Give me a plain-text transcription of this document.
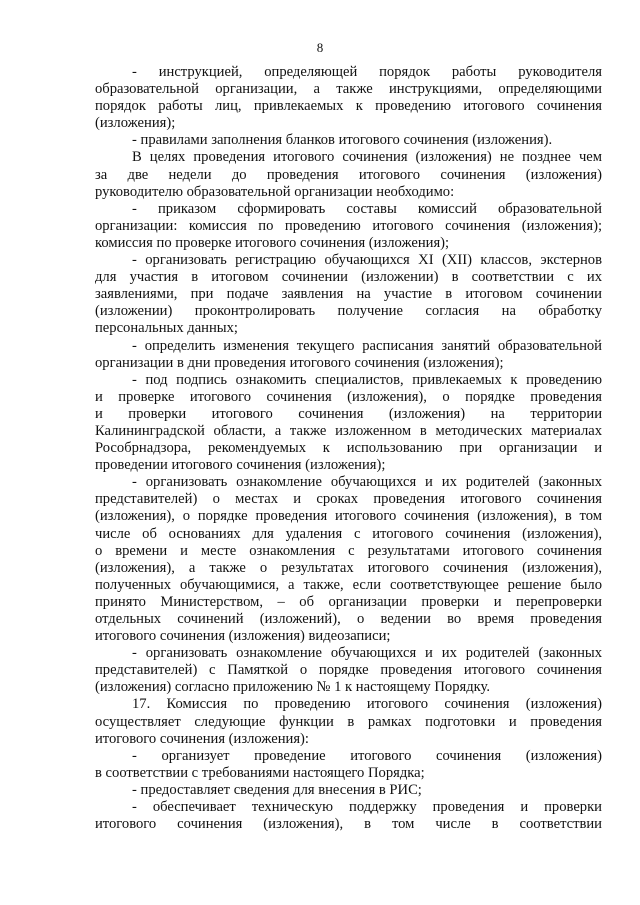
8
- инструкцией, определяющей порядок работы руководителя
образовательной организации, а также инструкциями, определяющими
порядок работы лиц, привлекаемых к проведению итогового сочинения
(изложения);
- правилами заполнения бланков итогового сочинения (изложения).
В целях проведения итогового сочинения (изложения) не позднее чем
за две недели до проведения итогового сочинения (изложения)
руководителю образовательной организации необходимо:
- приказом сформировать составы комиссий образовательной
организации: комиссия по проведению итогового сочинения (изложения);
комиссия по проверке итогового сочинения (изложения);
- организовать регистрацию обучающихся XI (XII) классов, экстернов
для участия в итоговом сочинении (изложении) в соответствии с их
заявлениями, при подаче заявления на участие в итоговом сочинении
(изложении) проконтролировать получение согласия на обработку
персональных данных;
- определить изменения текущего расписания занятий образовательной
организации в дни проведения итогового сочинения (изложения);
- под подпись ознакомить специалистов, привлекаемых к проведению
и проверке итогового сочинения (изложения), о порядке проведения
и проверки итогового сочинения (изложения) на территории
Калининградской области, а также изложенном в методических материалах
Рособрнадзора, рекомендуемых к использованию при организации и
проведении итогового сочинения (изложения);
- организовать ознакомление обучающихся и их родителей (законных
представителей) о местах и сроках проведения итогового сочинения
(изложения), о порядке проведения итогового сочинения (изложения), в том
числе об основаниях для удаления с итогового сочинения (изложения),
о времени и месте ознакомления с результатами итогового сочинения
(изложения), а также о результатах итогового сочинения (изложения),
полученных обучающимися, а также, если соответствующее решение было
принято Министерством, – об организации проверки и перепроверки
отдельных сочинений (изложений), о ведении во время проведения
итогового сочинения (изложения) видеозаписи;
- организовать ознакомление обучающихся и их родителей (законных
представителей) с Памяткой о порядке проведения итогового сочинения
(изложения) согласно приложению № 1 к настоящему Порядку.
17. Комиссия по проведению итогового сочинения (изложения)
осуществляет следующие функции в рамках подготовки и проведения
итогового сочинения (изложения):
- организует проведение итогового сочинения (изложения)
в соответствии с требованиями настоящего Порядка;
- предоставляет сведения для внесения в РИС;
- обеспечивает техническую поддержку проведения и проверки
итогового сочинения (изложения), в том числе в соответствии
